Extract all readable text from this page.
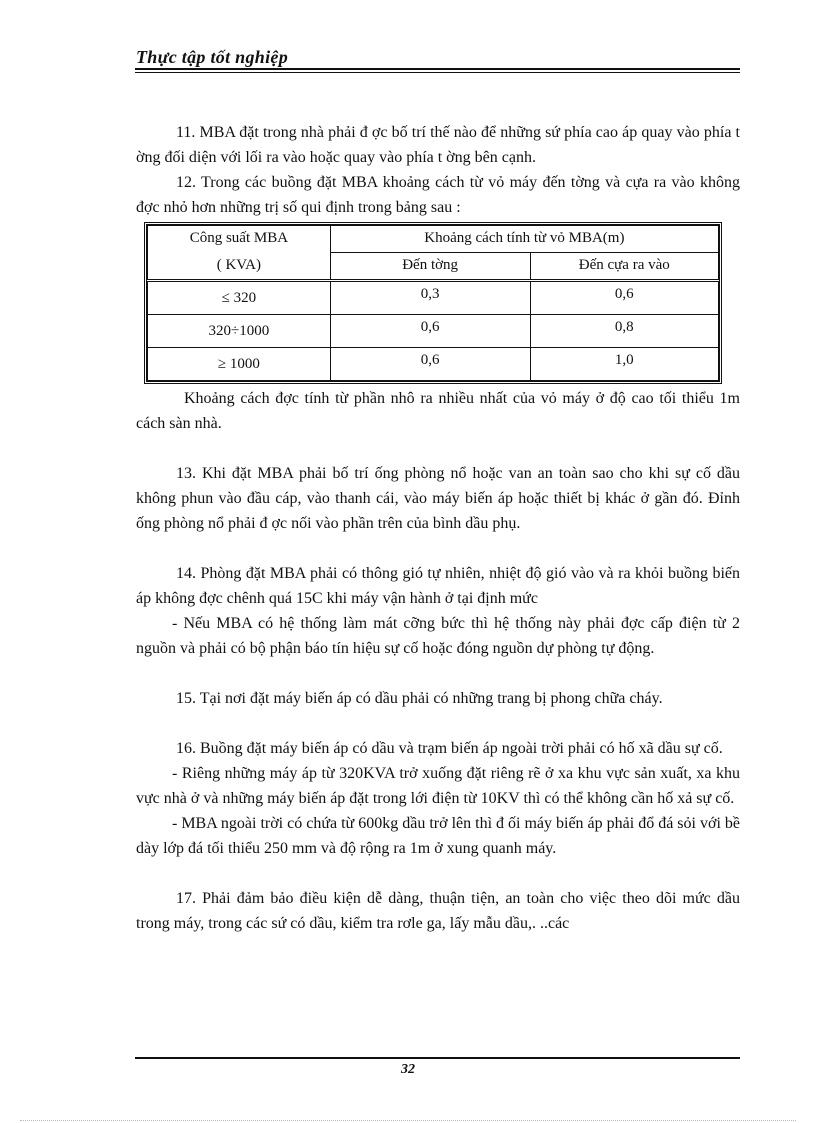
Thực tập tốt nghiệp

11. MBA đặt trong nhà phải đ ợc bố trí thế nào để những sứ phía cao áp quay vào phía t ờng đối diện với lối ra vào hoặc quay vào phía t ờng bên cạnh.

12. Trong các buồng đặt MBA khoảng cách từ vỏ máy đến tờng và cựa ra vào không đợc nhỏ hơn những trị số qui định trong bảng sau :

Công suất MBA	Khoảng cách tính từ vỏ MBA(m)	
( KVA)	Đến tờng	Đến cựa ra vào
≤ 320	0,3	0,6
320÷1000	0,6	0,8
≥ 1000	0,6	1,0

Khoảng cách đợc tính từ phần nhô ra nhiều nhất của vỏ máy ở độ cao tối thiểu 1m cách sàn nhà.

13. Khi đặt MBA phải bố trí ống phòng nổ hoặc van an toàn sao cho khi sự cố dầu không phun vào đầu cáp, vào thanh cái, vào máy biến áp hoặc thiết bị khác ở gần đó. Đỉnh ống phòng nổ phải đ ợc nối vào phần trên của bình dầu phụ.

14. Phòng đặt MBA phải có thông gió tự nhiên, nhiệt độ gió vào và ra khỏi buồng biến áp không đợc chênh quá 15C khi máy vận hành ở tại định mức

- Nếu MBA có hệ thống làm mát cỡng bức thì hệ thống này phải đợc cấp điện từ 2 nguồn và phải có bộ phận báo tín hiệu sự cố hoặc đóng nguồn dự phòng tự động.

15. Tại nơi đặt máy biến áp có dầu phải có những trang bị phong chữa cháy.

16. Buồng đặt máy biến áp có dầu và trạm biến áp ngoài trời phải có hố xã dầu sự cố.

- Riêng những máy áp từ 320KVA trở xuống đặt riêng rẽ ở xa khu vực sản xuất, xa khu vực nhà ở và những máy biến áp đặt trong lới điện từ 10KV thì có thể không cần hố xả sự cố.

- MBA ngoài trời có chứa từ 600kg dầu trở lên thì đ ối máy biến áp phải đổ đá sỏi với bề dày lớp đá tối thiểu 250 mm và độ rộng ra 1m ở xung quanh máy.

17. Phải đảm bảo điều kiện dễ dàng, thuận tiện, an toàn cho việc theo dõi mức dầu trong máy, trong các sứ có dầu, kiểm tra rơle ga, lấy mẫu dầu,. ..các

32
